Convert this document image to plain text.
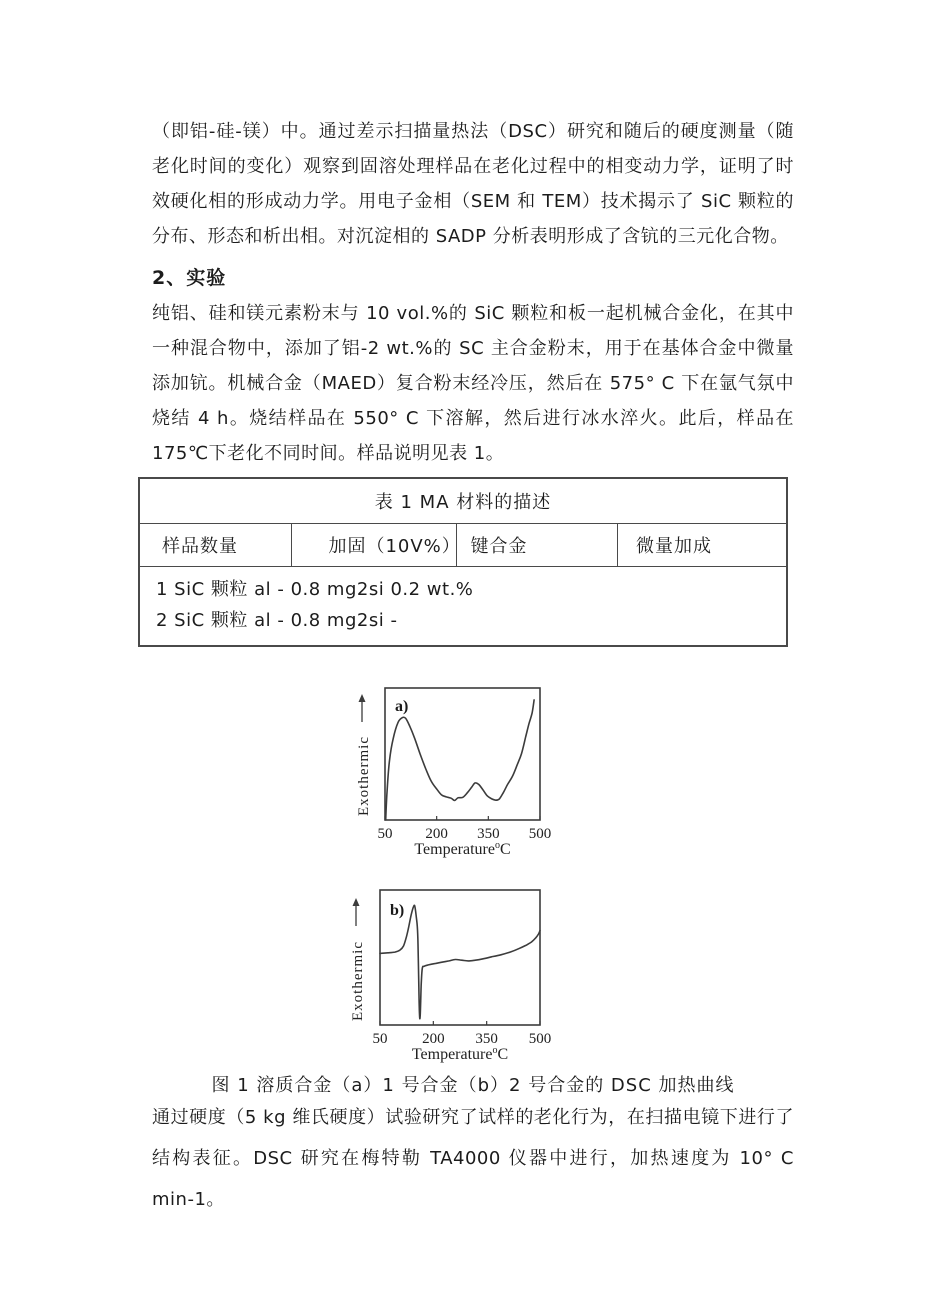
（即铝-硅-镁）中。通过差示扫描量热法（DSC）研究和随后的硬度测量（随老化时间的变化）观察到固溶处理样品在老化过程中的相变动力学，证明了时效硬化相的形成动力学。用电子金相（SEM 和 TEM）技术揭示了 SiC 颗粒的分布、形态和析出相。对沉淀相的 SADP 分析表明形成了含钪的三元化合物。
2、实验
纯铝、硅和镁元素粉末与 10 vol.%的 SiC 颗粒和板一起机械合金化，在其中一种混合物中，添加了铝-2 wt.%的 SC 主合金粉末，用于在基体合金中微量添加钪。机械合金（MAED）复合粉末经冷压，然后在 575° C 下在氩气氛中烧结 4 h。烧结样品在 550° C 下溶解，然后进行冰水淬火。此后，样品在 175℃下老化不同时间。样品说明见表 1。
表 1 MA 材料的描述
样品数量	加固（10V%） 键合金	微量加成
1 SiC 颗粒 al - 0.8 mg2si 0.2 wt.%
2 SiC 颗粒 al - 0.8 mg2si -
50 200 350 500
Temperature$^o$C
Exothermic
a)
50 200 350 500
Temperature$^o$C
Exothermic
b)
图 1 溶质合金（a）1 号合金（b）2 号合金的 DSC 加热曲线
通过硬度（5 kg 维氏硬度）试验研究了试样的老化行为，在扫描电镜下进行了结构表征。DSC 研究在梅特勒 TA4000 仪器中进行，加热速度为 10° C min-1。
